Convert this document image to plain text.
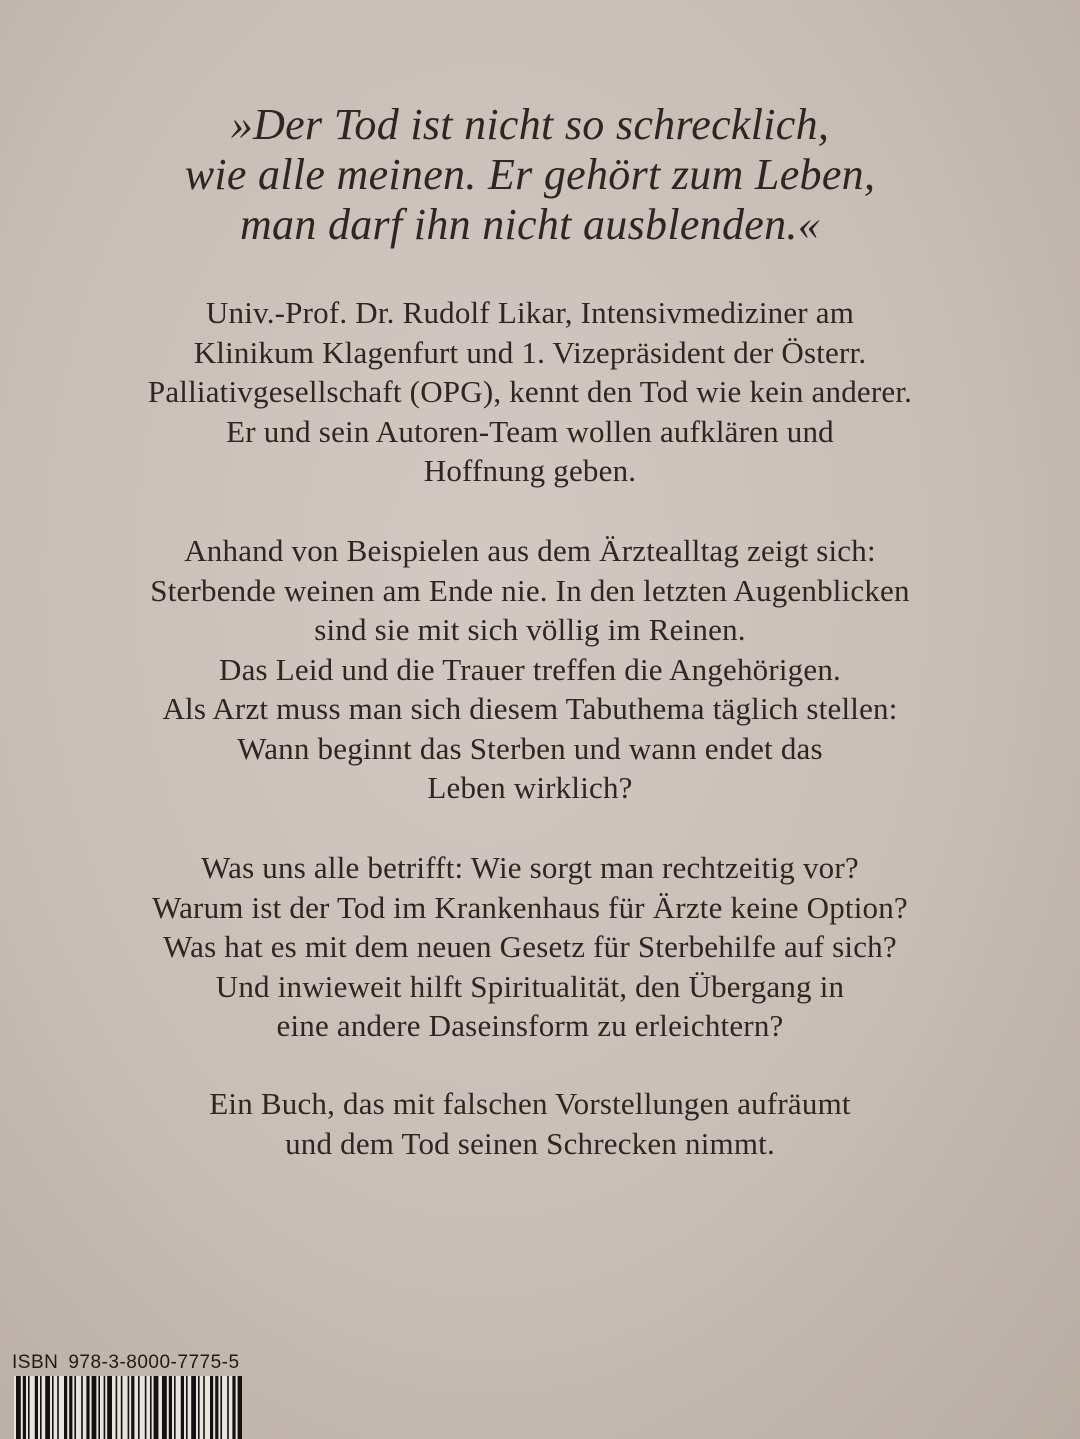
»Der Tod ist nicht so schrecklich,
wie alle meinen. Er gehört zum Leben,
man darf ihn nicht ausblenden.«
Univ.-Prof. Dr. Rudolf Likar, Intensivmediziner am
Klinikum Klagenfurt und 1. Vizepräsident der Österr.
Palliativgesellschaft (OPG), kennt den Tod wie kein anderer.
Er und sein Autoren-Team wollen aufklären und
Hoffnung geben.
Anhand von Beispielen aus dem Ärztealltag zeigt sich:
Sterbende weinen am Ende nie. In den letzten Augenblicken
sind sie mit sich völlig im Reinen.
Das Leid und die Trauer treffen die Angehörigen.
Als Arzt muss man sich diesem Tabuthema täglich stellen:
Wann beginnt das Sterben und wann endet das
Leben wirklich?
Was uns alle betrifft: Wie sorgt man rechtzeitig vor?
Warum ist der Tod im Krankenhaus für Ärzte keine Option?
Was hat es mit dem neuen Gesetz für Sterbehilfe auf sich?
Und inwieweit hilft Spiritualität, den Übergang in
eine andere Daseinsform zu erleichtern?
Ein Buch, das mit falschen Vorstellungen aufräumt
und dem Tod seinen Schrecken nimmt.
ISBN 978-3-8000-7775-5
